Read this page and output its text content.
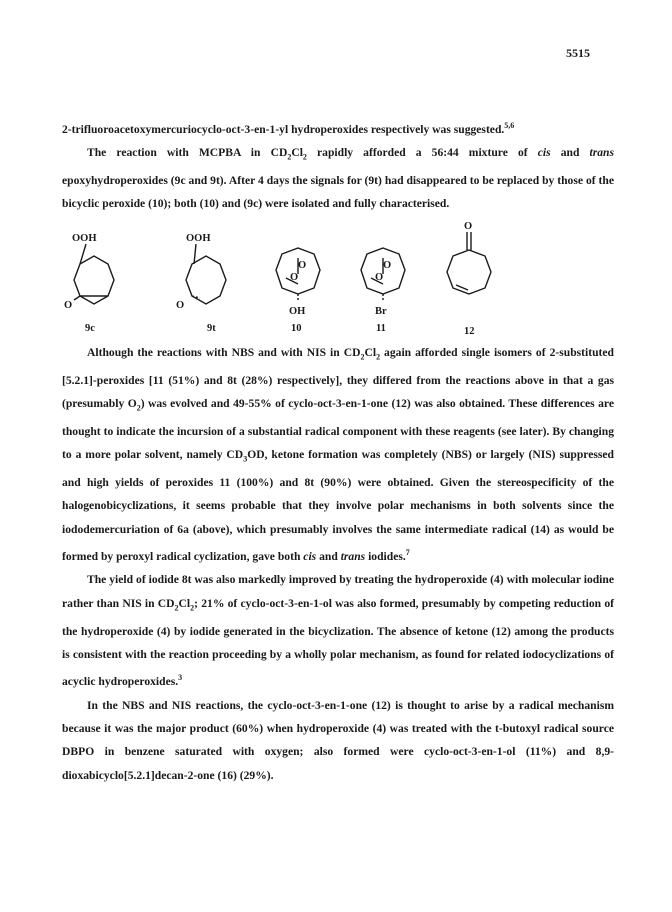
5515

2-trifluoroacetoxymercuriocyclo-oct-3-en-1-yl hydroperoxides respectively was suggested.$^{5,6}$

The reaction with MCPBA in $CD_2Cl_2$ rapidly afforded a 56:44 mixture of cis and trans epoxyhydroperoxides (9c and 9t). After 4 days the signals for (9t) had disappeared to be replaced by those of the bicyclic peroxide (10); both (10) and (9c) were isolated and fully characterised.

OOH
O
9c
OOH
O
9t
O
O
OH
10
O
O
Br
11
O
12

Although the reactions with NBS and with NIS in $CD_2Cl_2$ again afforded single isomers of 2-substituted [5.2.1]-peroxides [11 (51%) and 8t (28%) respectively], they differed from the reactions above in that a gas (presumably $O_2$) was evolved and 49-55% of cyclo-oct-3-en-1-one (12) was also obtained. These differences are thought to indicate the incursion of a substantial radical component with these reagents (see later). By changing to a more polar solvent, namely $CD_3OD$, ketone formation was completely (NBS) or largely (NIS) suppressed and high yields of peroxides 11 (100%) and 8t (90%) were obtained. Given the stereospecificity of the halogenobicyclizations, it seems probable that they involve polar mechanisms in both solvents since the iododemercuriation of 6a (above), which presumably involves the same intermediate radical (14) as would be formed by peroxyl radical cyclization, gave both cis and trans iodides.$^7$

The yield of iodide 8t was also markedly improved by treating the hydroperoxide (4) with molecular iodine rather than NIS in $CD_2Cl_2$; 21% of cyclo-oct-3-en-1-ol was also formed, presumably by competing reduction of the hydroperoxide (4) by iodide generated in the bicyclization. The absence of ketone (12) among the products is consistent with the reaction proceeding by a wholly polar mechanism, as found for related iodocyclizations of acyclic hydroperoxides.$^3$

In the NBS and NIS reactions, the cyclo-oct-3-en-1-one (12) is thought to arise by a radical mechanism because it was the major product (60%) when hydroperoxide (4) was treated with the t-butoxyl radical source DBPO in benzene saturated with oxygen; also formed were cyclo-oct-3-en-1-ol (11%) and 8,9-dioxabicyclo[5.2.1]decan-2-one (16) (29%).
